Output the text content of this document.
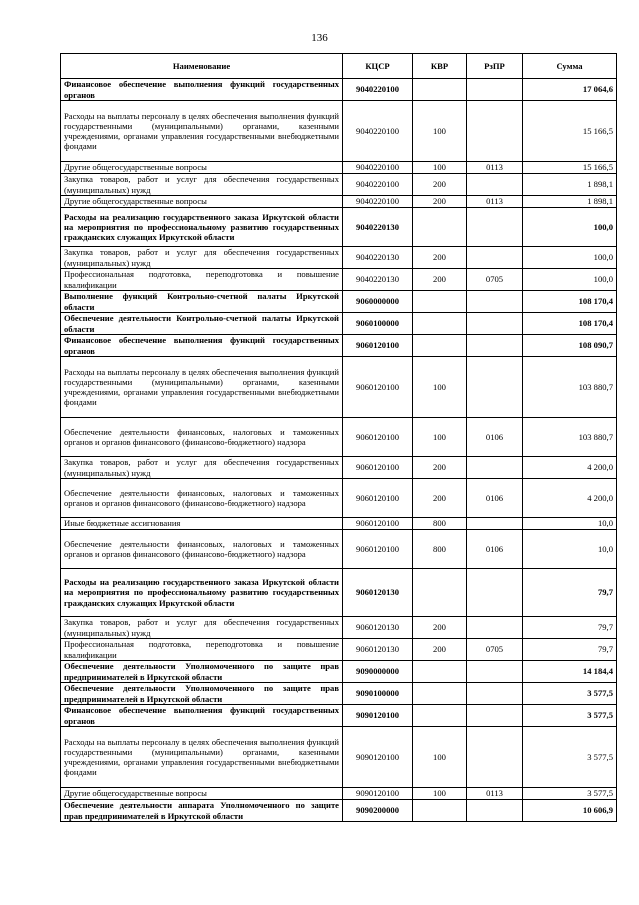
136
Наименование	КЦСР	КВР	РзПР	Сумма
Финансовое обеспечение выполнения функций государственных органов	9040220100			17 064,6
Расходы на выплаты персоналу в целях обеспечения выполнения функций государственными (муниципальными) органами, казенными учреждениями, органами управления государственными внебюджетными фондами	9040220100	100		15 166,5
Другие общегосударственные вопросы	9040220100	100	0113	15 166,5
Закупка товаров, работ и услуг для обеспечения государственных (муниципальных) нужд	9040220100	200		1 898,1
Другие общегосударственные вопросы	9040220100	200	0113	1 898,1
Расходы на реализацию государственного заказа Иркутской области на мероприятия по профессиональному развитию государственных гражданских служащих Иркутской области	9040220130			100,0
Закупка товаров, работ и услуг для обеспечения государственных (муниципальных) нужд	9040220130	200		100,0
Профессиональная подготовка, переподготовка и повышение квалификации	9040220130	200	0705	100,0
Выполнение функций Контрольно-счетной палаты Иркутской области	9060000000			108 170,4
Обеспечение деятельности Контрольно-счетной палаты Иркутской области	9060100000			108 170,4
Финансовое обеспечение выполнения функций государственных органов	9060120100			108 090,7
Расходы на выплаты персоналу в целях обеспечения выполнения функций государственными (муниципальными) органами, казенными учреждениями, органами управления государственными внебюджетными фондами	9060120100	100		103 880,7
Обеспечение деятельности финансовых, налоговых и таможенных органов и органов финансового (финансово-бюджетного) надзора	9060120100	100	0106	103 880,7
Закупка товаров, работ и услуг для обеспечения государственных (муниципальных) нужд	9060120100	200		4 200,0
Обеспечение деятельности финансовых, налоговых и таможенных органов и органов финансового (финансово-бюджетного) надзора	9060120100	200	0106	4 200,0
Иные бюджетные ассигнования	9060120100	800		10,0
Обеспечение деятельности финансовых, налоговых и таможенных органов и органов финансового (финансово-бюджетного) надзора	9060120100	800	0106	10,0
Расходы на реализацию государственного заказа Иркутской области на мероприятия по профессиональному развитию государственных гражданских служащих Иркутской области	9060120130			79,7
Закупка товаров, работ и услуг для обеспечения государственных (муниципальных) нужд	9060120130	200		79,7
Профессиональная подготовка, переподготовка и повышение квалификации	9060120130	200	0705	79,7
Обеспечение деятельности Уполномоченного по защите прав предпринимателей в Иркутской области	9090000000			14 184,4
Обеспечение деятельности Уполномоченного по защите прав предпринимателей в Иркутской области	9090100000			3 577,5
Финансовое обеспечение выполнения функций государственных органов	9090120100			3 577,5
Расходы на выплаты персоналу в целях обеспечения выполнения функций государственными (муниципальными) органами, казенными учреждениями, органами управления государственными внебюджетными фондами	9090120100	100		3 577,5
Другие общегосударственные вопросы	9090120100	100	0113	3 577,5
Обеспечение деятельности аппарата Уполномоченного по защите прав предпринимателей в Иркутской области	9090200000			10 606,9
